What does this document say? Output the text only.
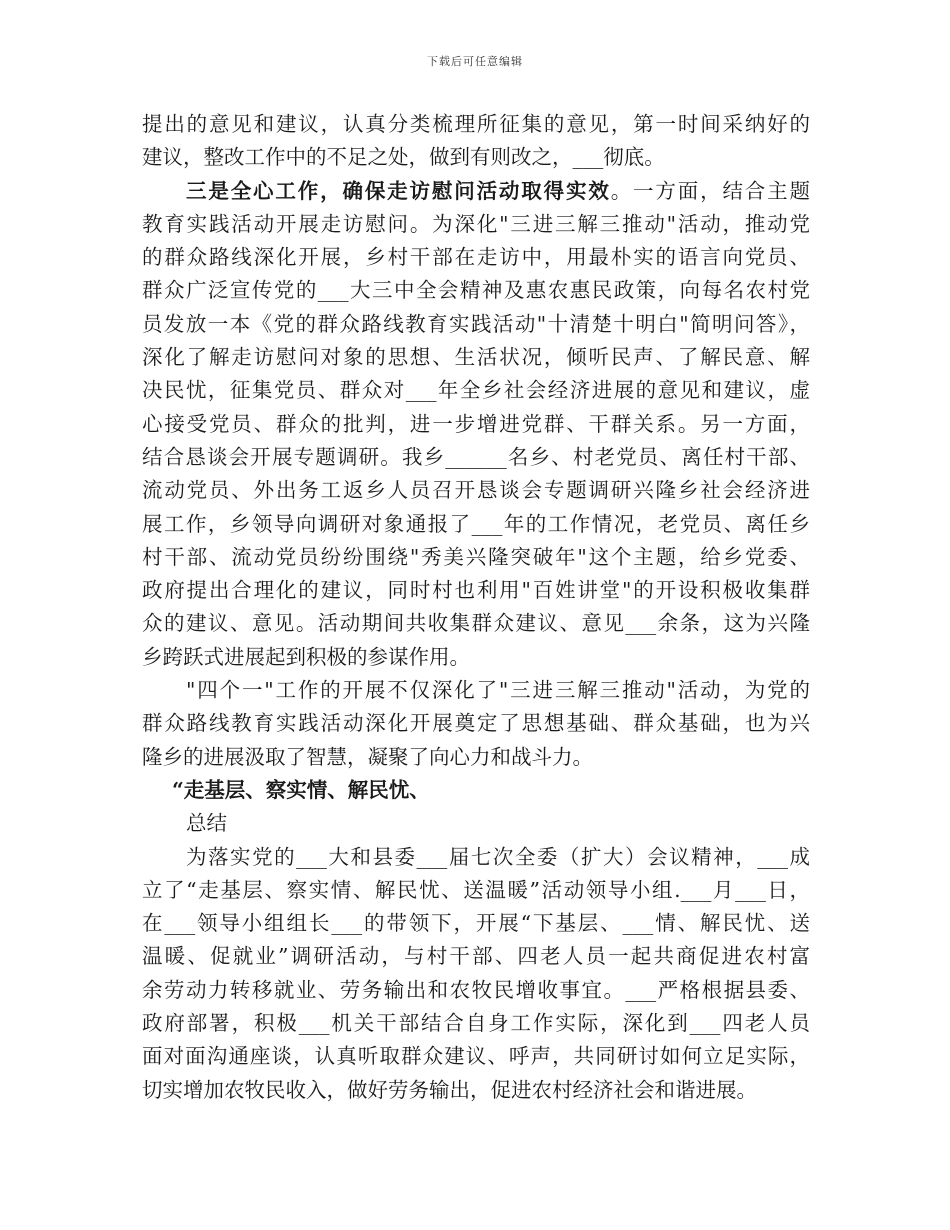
下载后可任意编辑
提出的意见和建议，认真分类梳理所征集的意见，第一时间采纳好的
建议，整改工作中的不足之处，做到有则改之，___彻底。
三是全心工作，确保走访慰问活动取得实效。一方面，结合主题
教育实践活动开展走访慰问。为深化"三进三解三推动"活动，推动党
的群众路线深化开展，乡村干部在走访中，用最朴实的语言向党员、
群众广泛宣传党的___大三中全会精神及惠农惠民政策，向每名农村党
员发放一本《党的群众路线教育实践活动"十清楚十明白"简明问答》，
深化了解走访慰问对象的思想、生活状况，倾听民声、了解民意、解
决民忧，征集党员、群众对___年全乡社会经济进展的意见和建议，虚
心接受党员、群众的批判，进一步增进党群、干群关系。另一方面，
结合恳谈会开展专题调研。我乡______名乡、村老党员、离任村干部、
流动党员、外出务工返乡人员召开恳谈会专题调研兴隆乡社会经济进
展工作，乡领导向调研对象通报了___年的工作情况，老党员、离任乡
村干部、流动党员纷纷围绕"秀美兴隆突破年"这个主题，给乡党委、
政府提出合理化的建议，同时村也利用"百姓讲堂"的开设积极收集群
众的建议、意见。活动期间共收集群众建议、意见___余条，这为兴隆
乡跨跃式进展起到积极的参谋作用。
"四个一"工作的开展不仅深化了"三进三解三推动"活动，为党的
群众路线教育实践活动深化开展奠定了思想基础、群众基础，也为兴
隆乡的进展汲取了智慧，凝聚了向心力和战斗力。
“走基层、察实情、解民忧、
总结
为落实党的___大和县委___届七次全委（扩大）会议精神，___成
立了“走基层、察实情、解民忧、送温暖”活动领导小组.___月___日，
在___领导小组组长___的带领下，开展“下基层、___情、解民忧、送
温暖、促就业”调研活动，与村干部、四老人员一起共商促进农村富
余劳动力转移就业、劳务输出和农牧民增收事宜。___严格根据县委、
政府部署，积极___机关干部结合自身工作实际，深化到___四老人员
面对面沟通座谈，认真听取群众建议、呼声，共同研讨如何立足实际，
切实增加农牧民收入，做好劳务输出，促进农村经济社会和谐进展。
